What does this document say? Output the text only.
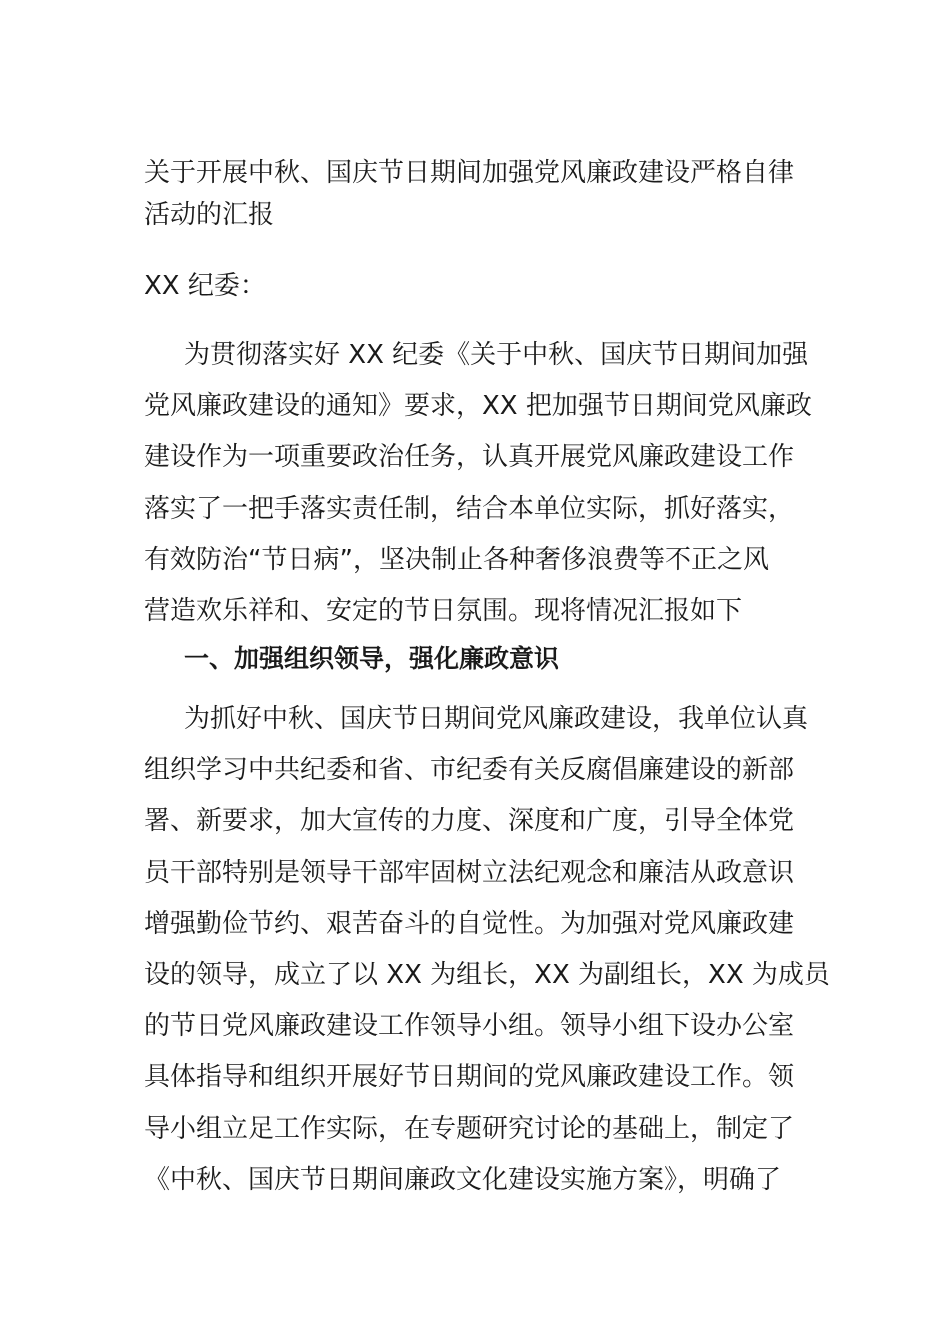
关于开展中秋、国庆节日期间加强党风廉政建设严格自律
活动的汇报

XX 纪委：

为贯彻落实好 XX 纪委《关于中秋、国庆节日期间加强
党风廉政建设的通知》要求，XX 把加强节日期间党风廉政
建设作为一项重要政治任务，认真开展党风廉政建设工作
落实了一把手落实责任制，结合本单位实际，抓好落实，
有效防治“节日病”，坚决制止各种奢侈浪费等不正之风
营造欢乐祥和、安定的节日氛围。现将情况汇报如下
一、加强组织领导，强化廉政意识
为抓好中秋、国庆节日期间党风廉政建设，我单位认真
组织学习中共纪委和省、市纪委有关反腐倡廉建设的新部
署、新要求，加大宣传的力度、深度和广度，引导全体党
员干部特别是领导干部牢固树立法纪观念和廉洁从政意识
增强勤俭节约、艰苦奋斗的自觉性。为加强对党风廉政建
设的领导，成立了以 XX 为组长，XX 为副组长，XX 为成员
的节日党风廉政建设工作领导小组。领导小组下设办公室
具体指导和组织开展好节日期间的党风廉政建设工作。领
导小组立足工作实际，在专题研究讨论的基础上，制定了
《中秋、国庆节日期间廉政文化建设实施方案》，明确了
